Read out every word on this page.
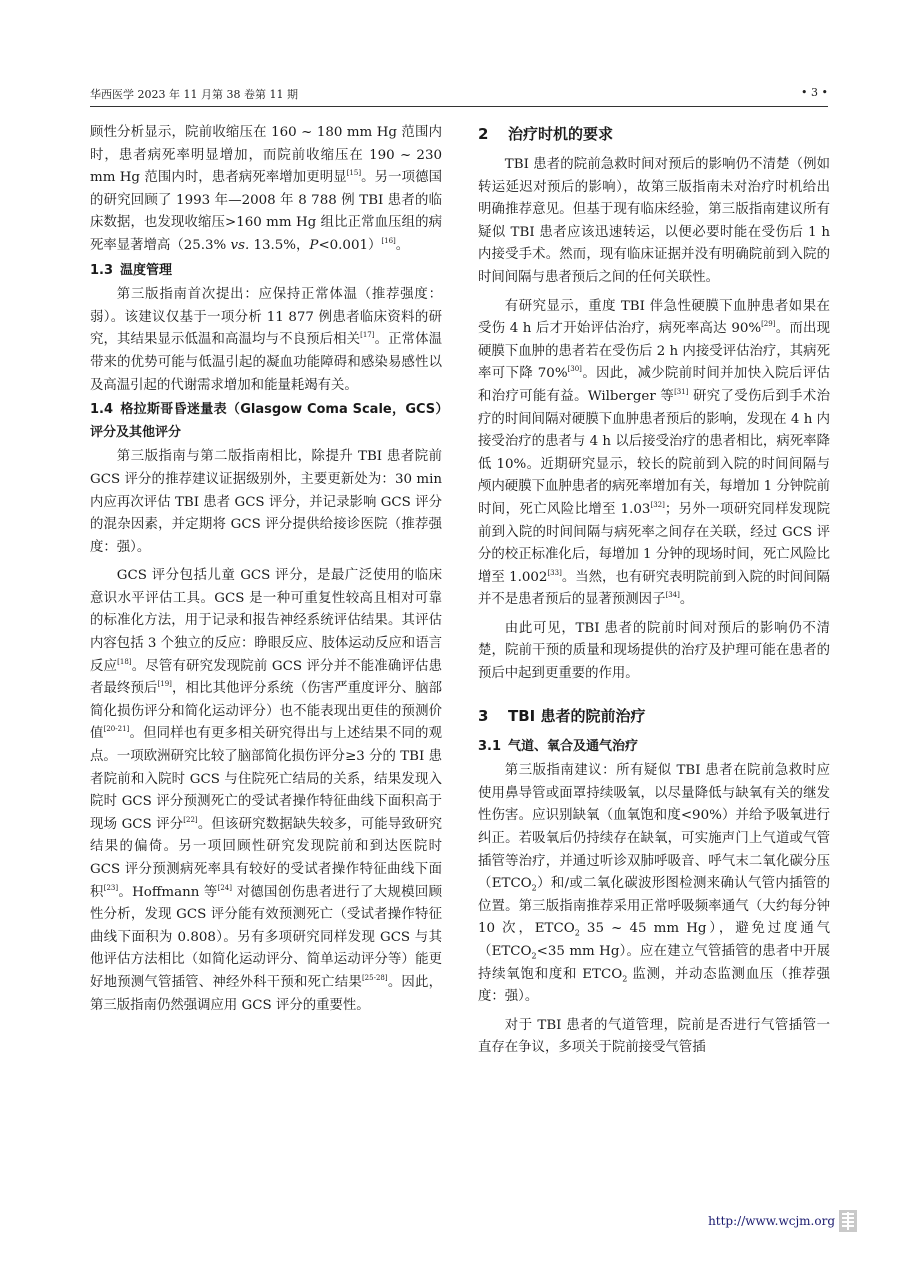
华西医学 2023 年 11 月第 38 卷第 11 期	• 3 •

顾性分析显示，院前收缩压在 160 ~ 180 mm Hg 范围内时，患者病死率明显增加，而院前收缩压在 190 ~ 230 mm Hg 范围内时，患者病死率增加更明显[15]。另一项德国的研究回顾了 1993 年—2008 年 8 788 例 TBI 患者的临床数据，也发现收缩压>160 mm Hg 组比正常血压组的病死率显著增高（25.3% vs. 13.5%，P<0.001）[16]。

1.3 温度管理

第三版指南首次提出：应保持正常体温（推荐强度：弱）。该建议仅基于一项分析 11 877 例患者临床资料的研究，其结果显示低温和高温均与不良预后相关[17]。正常体温带来的优势可能与低温引起的凝血功能障碍和感染易感性以及高温引起的代谢需求增加和能量耗竭有关。

1.4 格拉斯哥昏迷量表（Glasgow Coma Scale，GCS）评分及其他评分

第三版指南与第二版指南相比，除提升 TBI 患者院前 GCS 评分的推荐建议证据级别外，主要更新处为：30 min 内应再次评估 TBI 患者 GCS 评分，并记录影响 GCS 评分的混杂因素，并定期将 GCS 评分提供给接诊医院（推荐强度：强）。

GCS 评分包括儿童 GCS 评分，是最广泛使用的临床意识水平评估工具。GCS 是一种可重复性较高且相对可靠的标准化方法，用于记录和报告神经系统评估结果。其评估内容包括 3 个独立的反应：睁眼反应、肢体运动反应和语言反应[18]。尽管有研究发现院前 GCS 评分并不能准确评估患者最终预后[19]，相比其他评分系统（伤害严重度评分、脑部简化损伤评分和简化运动评分）也不能表现出更佳的预测价值[20-21]。但同样也有更多相关研究得出与上述结果不同的观点。一项欧洲研究比较了脑部简化损伤评分≥3 分的 TBI 患者院前和入院时 GCS 与住院死亡结局的关系，结果发现入院时 GCS 评分预测死亡的受试者操作特征曲线下面积高于现场 GCS 评分[22]。但该研究数据缺失较多，可能导致研究结果的偏倚。另一项回顾性研究发现院前和到达医院时 GCS 评分预测病死率具有较好的受试者操作特征曲线下面积[23]。Hoffmann 等[24] 对德国创伤患者进行了大规模回顾性分析，发现 GCS 评分能有效预测死亡（受试者操作特征曲线下面积为 0.808）。另有多项研究同样发现 GCS 与其他评估方法相比（如简化运动评分、简单运动评分等）能更好地预测气管插管、神经外科干预和死亡结果[25-28]。因此，第三版指南仍然强调应用 GCS 评分的重要性。

2 治疗时机的要求

TBI 患者的院前急救时间对预后的影响仍不清楚（例如转运延迟对预后的影响），故第三版指南未对治疗时机给出明确推荐意见。但基于现有临床经验，第三版指南建议所有疑似 TBI 患者应该迅速转运，以便必要时能在受伤后 1 h 内接受手术。然而，现有临床证据并没有明确院前到入院的时间间隔与患者预后之间的任何关联性。

有研究显示，重度 TBI 伴急性硬膜下血肿患者如果在受伤 4 h 后才开始评估治疗，病死率高达 90%[29]。而出现硬膜下血肿的患者若在受伤后 2 h 内接受评估治疗，其病死率可下降 70%[30]。因此，减少院前时间并加快入院后评估和治疗可能有益。Wilberger 等[31] 研究了受伤后到手术治疗的时间间隔对硬膜下血肿患者预后的影响，发现在 4 h 内接受治疗的患者与 4 h 以后接受治疗的患者相比，病死率降低 10%。近期研究显示，较长的院前到入院的时间间隔与颅内硬膜下血肿患者的病死率增加有关，每增加 1 分钟院前时间，死亡风险比增至 1.03[32]；另外一项研究同样发现院前到入院的时间间隔与病死率之间存在关联，经过 GCS 评分的校正标准化后，每增加 1 分钟的现场时间，死亡风险比增至 1.002[33]。当然，也有研究表明院前到入院的时间间隔并不是患者预后的显著预测因子[34]。

由此可见，TBI 患者的院前时间对预后的影响仍不清楚，院前干预的质量和现场提供的治疗及护理可能在患者的预后中起到更重要的作用。

3 TBI 患者的院前治疗
3.1 气道、氧合及通气治疗

第三版指南建议：所有疑似 TBI 患者在院前急救时应使用鼻导管或面罩持续吸氧，以尽量降低与缺氧有关的继发性伤害。应识别缺氧（血氧饱和度<90%）并给予吸氧进行纠正。若吸氧后仍持续存在缺氧，可实施声门上气道或气管插管等治疗，并通过听诊双肺呼吸音、呼气末二氧化碳分压$(ETCO_2)$和/或二氧化碳波形图检测来确认气管内插管的位置。第三版指南推荐采用正常呼吸频率通气（大约每分钟 10 次，$ETCO_2$ 35 ~ 45 mm Hg），避免过度通气（$ETCO_2<35$ mm Hg）。应在建立气管插管的患者中开展持续氧饱和度和 $ETCO_2$ 监测，并动态监测血压（推荐强度：强）。

对于 TBI 患者的气道管理，院前是否进行气管插管一直存在争议，多项关于院前接受气管插

http://www.wcjm.org
